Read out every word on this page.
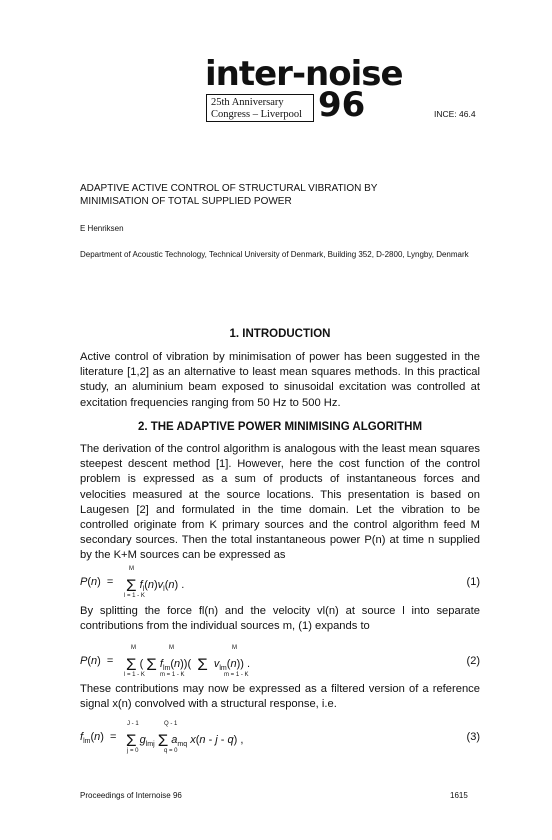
inter-noise
25th Anniversary
Congress – Liverpool 96	INCE: 46.4
ADAPTIVE ACTIVE CONTROL OF STRUCTURAL VIBRATION BY
MINIMISATION OF TOTAL SUPPLIED POWER
E Henriksen
Department of Acoustic Technology, Technical University of Denmark, Building 352, D-2800, Lyngby, Denmark
1. INTRODUCTION
Active control of vibration by minimisation of power has been suggested in the literature [1,2] as an alternative to least mean squares methods. In this practical study, an aluminium beam exposed to sinusoidal excitation was controlled at excitation frequencies ranging from 50 Hz to 500 Hz.
2. THE ADAPTIVE POWER MINIMISING ALGORITHM
The derivation of the control algorithm is analogous with the least mean squares steepest descent method [1]. However, here the cost function of the control problem is expressed as a sum of products of instantaneous forces and velocities measured at the source locations. This presentation is based on Laugesen [2] and formulated in the time domain. Let the vibration to be controlled originate from K primary sources and the control algorithm feed M secondary sources. Then the total instantaneous power P(n) at time n supplied by the K+M sources can be expressed as
P(n)  = Σ $f_l(n)v_l(n)$ .
M
l = 1 - K
(1)
By splitting the force fl(n) and the velocity vl(n) at source l into separate contributions from the individual sources m, (1) expands to
P(n)  = Σ ( Σ $f_{lm}(n)$)(  Σ $v_{lm}(n)$) .
M
l = 1 - K
M
m = 1 - K
M
m = 1 - K
(2)
These contributions may now be expressed as a filtered version of a reference signal x(n) convolved with a structural response, i.e.
$f_{lm}(n) = \Sigma$ $g_{lmj}$ Σ $a_{mq}$ x(n - j - q) ,
J - 1
j = 0
Q - 1
q = 0
(3)
Proceedings of Internoise 96	1615
